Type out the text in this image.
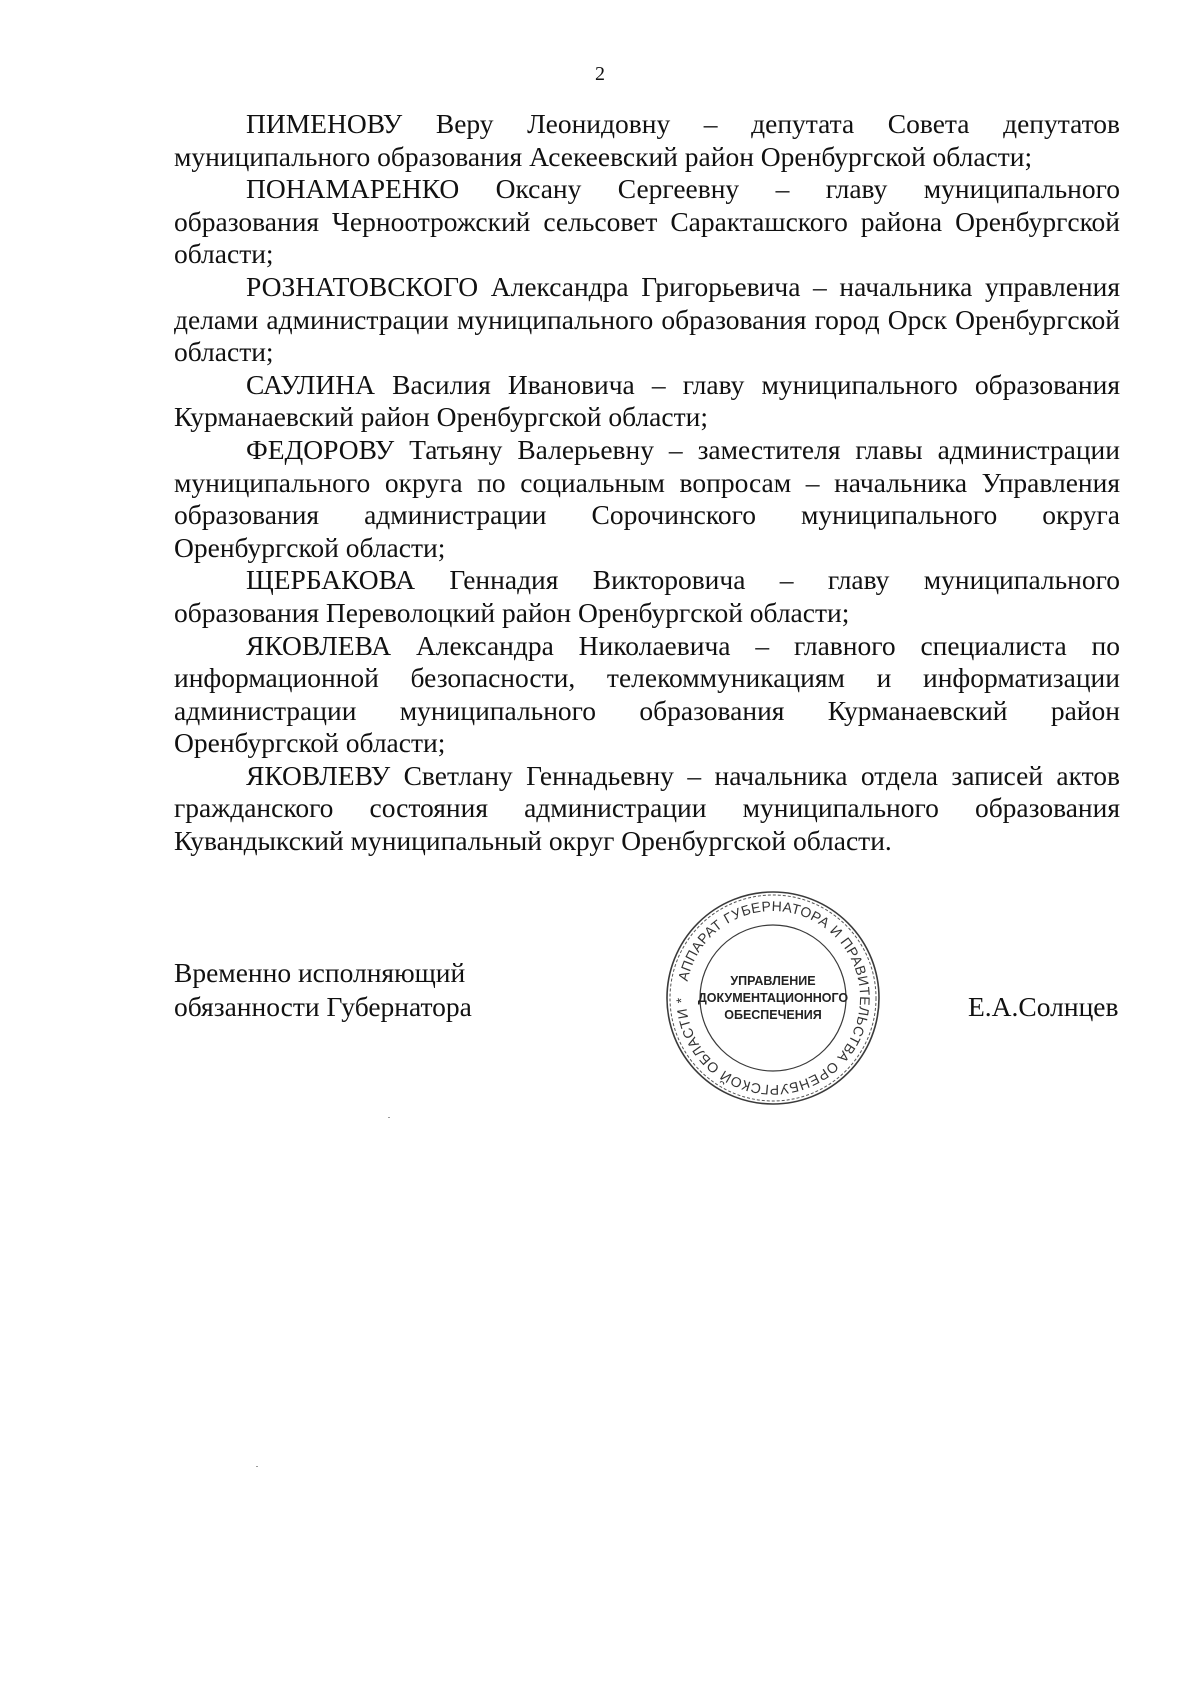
2

ПИМЕНОВУ Веру Леонидовну – депутата Совета депутатов муниципального образования Асекеевский район Оренбургской области;

ПОНАМАРЕНКО Оксану Сергеевну – главу муниципального образования Черноотрожский сельсовет Саракташского района Оренбургской области;

РОЗНАТОВСКОГО Александра Григорьевича – начальника управления делами администрации муниципального образования город Орск Оренбургской области;

САУЛИНА Василия Ивановича – главу муниципального образования Курманаевский район Оренбургской области;

ФЕДОРОВУ Татьяну Валерьевну – заместителя главы администрации муниципального округа по социальным вопросам – начальника Управления образования администрации Сорочинского муниципального округа Оренбургской области;

ЩЕРБАКОВА Геннадия Викторовича – главу муниципального образования Переволоцкий район Оренбургской области;

ЯКОВЛЕВА Александра Николаевича – главного специалиста по информационной безопасности, телекоммуникациям и информатизации администрации муниципального образования Курманаевский район Оренбургской области;

ЯКОВЛЕВУ Светлану Геннадьевну – начальника отдела записей актов гражданского состояния администрации муниципального образования Кувандыкский муниципальный округ Оренбургской области.

Временно исполняющий
обязанности Губернатора
АППАРАТ ГУБЕРНАТОРА И ПРАВИТЕЛЬСТВА ОРЕНБУРГСКОЙ ОБЛАСТИ *
УПРАВЛЕНИЕ
ДОКУМЕНТАЦИОННОГО
ОБЕСПЕЧЕНИЯ	Е.А.Солнцев
